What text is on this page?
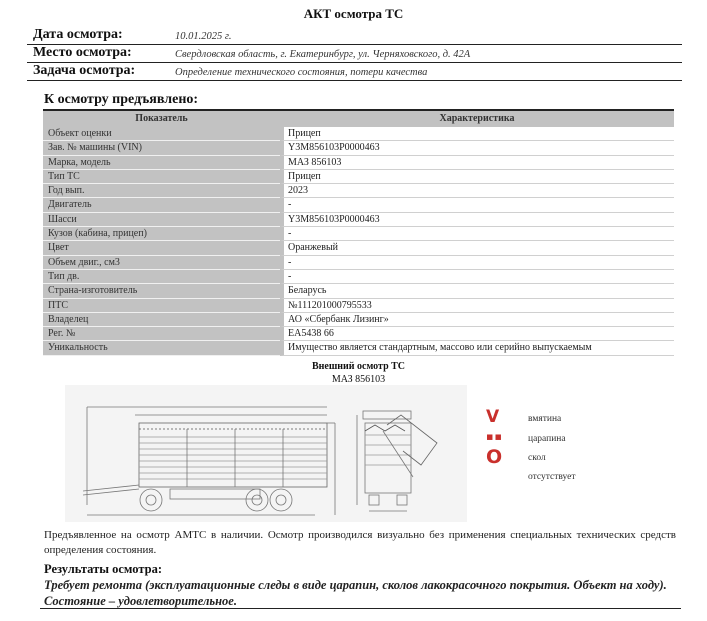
АКТ осмотра ТС
Дата осмотра:	10.01.2025 г.
Место осмотра:	Свердловская область, г. Екатеринбург, ул. Черняховского, д. 42А
Задача осмотра:	Определение технического состояния, потери качества
К осмотру предъявлено:
Показатель	Характеристика
Объект оценки	Прицеп
Зав. № машины (VIN)	Y3M856103P0000463
Марка, модель	МАЗ 856103
Тип ТС	Прицеп
Год вып.	2023
Двигатель	-
Шасси	Y3M856103P0000463
Кузов (кабина, прицеп)	-
Цвет	Оранжевый
Объем двиг., см3	-
Тип дв.	-
Страна-изготовитель	Беларусь
ПТС	№111201000795533
Владелец	АО «Сбербанк Лизинг»
Рег. №	ЕА5438 66
Уникальность	Имущество является стандартным, массово или серийно выпускаемым
Внешний осмотр ТС
МАЗ 856103
V
▪▪
O
вмятина
царапина
скол
отсутствует
Предъявленное на осмотр АМТС в наличии. Осмотр производился визуально без применения специальных технических средств определения состояния.
Результаты осмотра:
Требует ремонта (эксплуатационные следы в виде царапин, сколов лакокрасочного покрытия. Объект на ходу). Состояние – удовлетворительное.
